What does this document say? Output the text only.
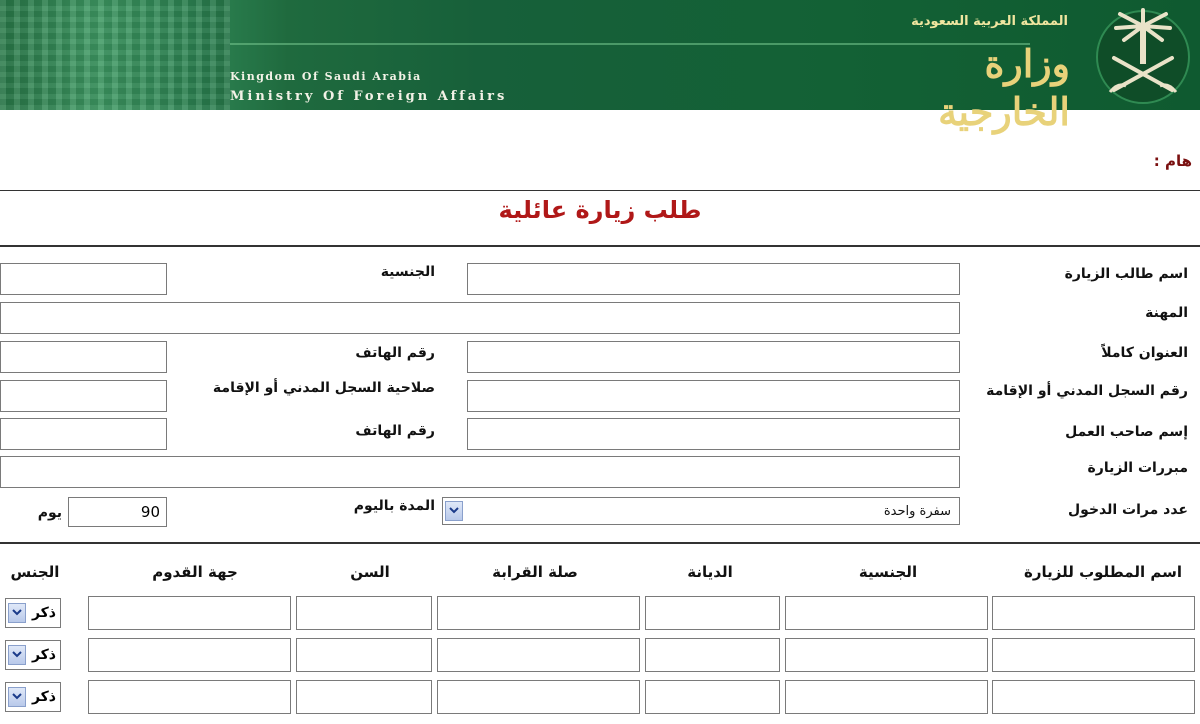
Kingdom Of Saudi Arabia
Ministry Of Foreign Affairs
المملكة العربية السعودية
وزارة الخارجية
هام :
طلب زيارة عائلية
اسم طالب الزيارة
الجنسية
المهنة
العنوان كاملاً
رقم الهاتف
رقم السجل المدني أو الإقامة
صلاحية السجل المدني أو الإقامة
إسم صاحب العمل
رقم الهاتف
مبررات الزيارة
عدد مرات الدخول
سفرة واحدة
المدة باليوم
90
يوم
اسم المطلوب للزيارة
الجنسية
الديانة
صلة القرابة
السن
جهة القدوم
الجنس
ذكر
ذكر
ذكر
